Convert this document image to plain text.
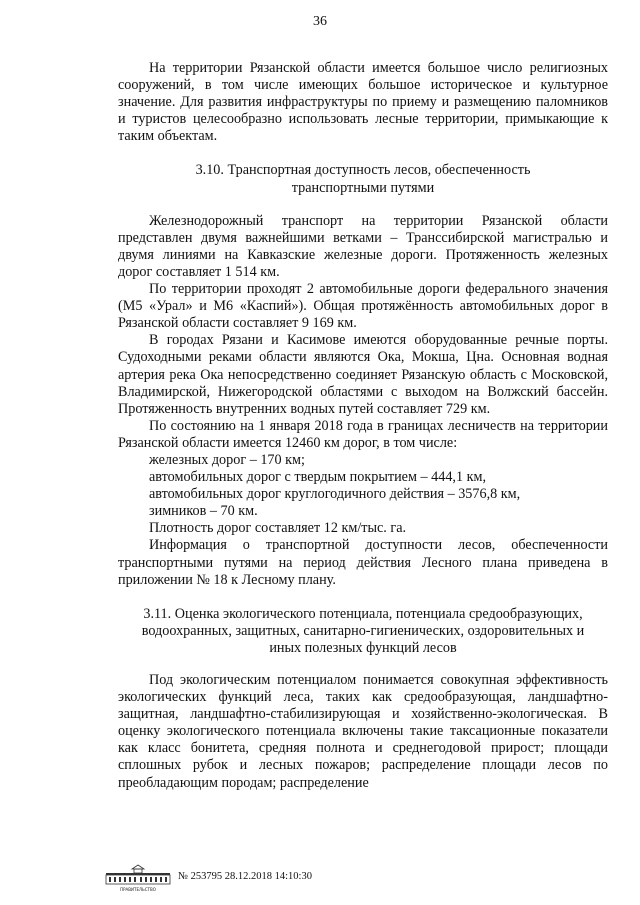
36

На территории Рязанской области имеется большое число религиозных сооружений, в том числе имеющих большое историческое и культурное значение. Для развития инфраструктуры по приему и размещению паломников и туристов целесообразно использовать лесные территории, примыкающие к таким объектам.

3.10. Транспортная доступность лесов, обеспеченность
транспортными путями

Железнодорожный транспорт на территории Рязанской области представлен двумя важнейшими ветками – Транссибирской магистралью и двумя линиями на Кавказские железные дороги. Протяженность железных дорог составляет 1 514 км.

По территории проходят 2 автомобильные дороги федерального значения (М5 «Урал» и М6 «Каспий»). Общая протяжённость автомобильных дорог в Рязанской области составляет 9 169 км.

В городах Рязани и Касимове имеются оборудованные речные порты. Судоходными реками области являются Ока, Мокша, Цна. Основная водная артерия река Ока непосредственно соединяет Рязанскую область с Московской, Владимирской, Нижегородской областями с выходом на Волжский бассейн. Протяженность внутренних водных путей составляет 729 км.

По состоянию на 1 января 2018 года в границах лесничеств на территории Рязанской области имеется 12460 км дорог, в том числе:

железных дорог – 170 км;

автомобильных дорог с твердым покрытием – 444,1 км,

автомобильных дорог круглогодичного действия – 3576,8 км,

зимников – 70 км.

Плотность дорог составляет 12 км/тыс. га.

Информация о транспортной доступности лесов, обеспеченности транспортными путями на период действия Лесного плана приведена в приложении № 18 к Лесному плану.

3.11. Оценка экологического потенциала, потенциала средообразующих,
водоохранных, защитных, санитарно-гигиенических, оздоровительных и
иных полезных функций лесов

Под экологическим потенциалом понимается совокупная эффективность экологических функций леса, таких как средообразующая, ландшафтно-защитная, ландшафтно-стабилизирующая и хозяйственно-экологическая. В оценку экологического потенциала включены такие таксационные показатели как класс бонитета, средняя полнота и среднегодовой прирост; площади сплошных рубок и лесных пожаров; распределение площади лесов по преобладающим породам; распределение

ПРАВИТЕЛЬСТВО
№ 253795 28.12.2018 14:10:30
